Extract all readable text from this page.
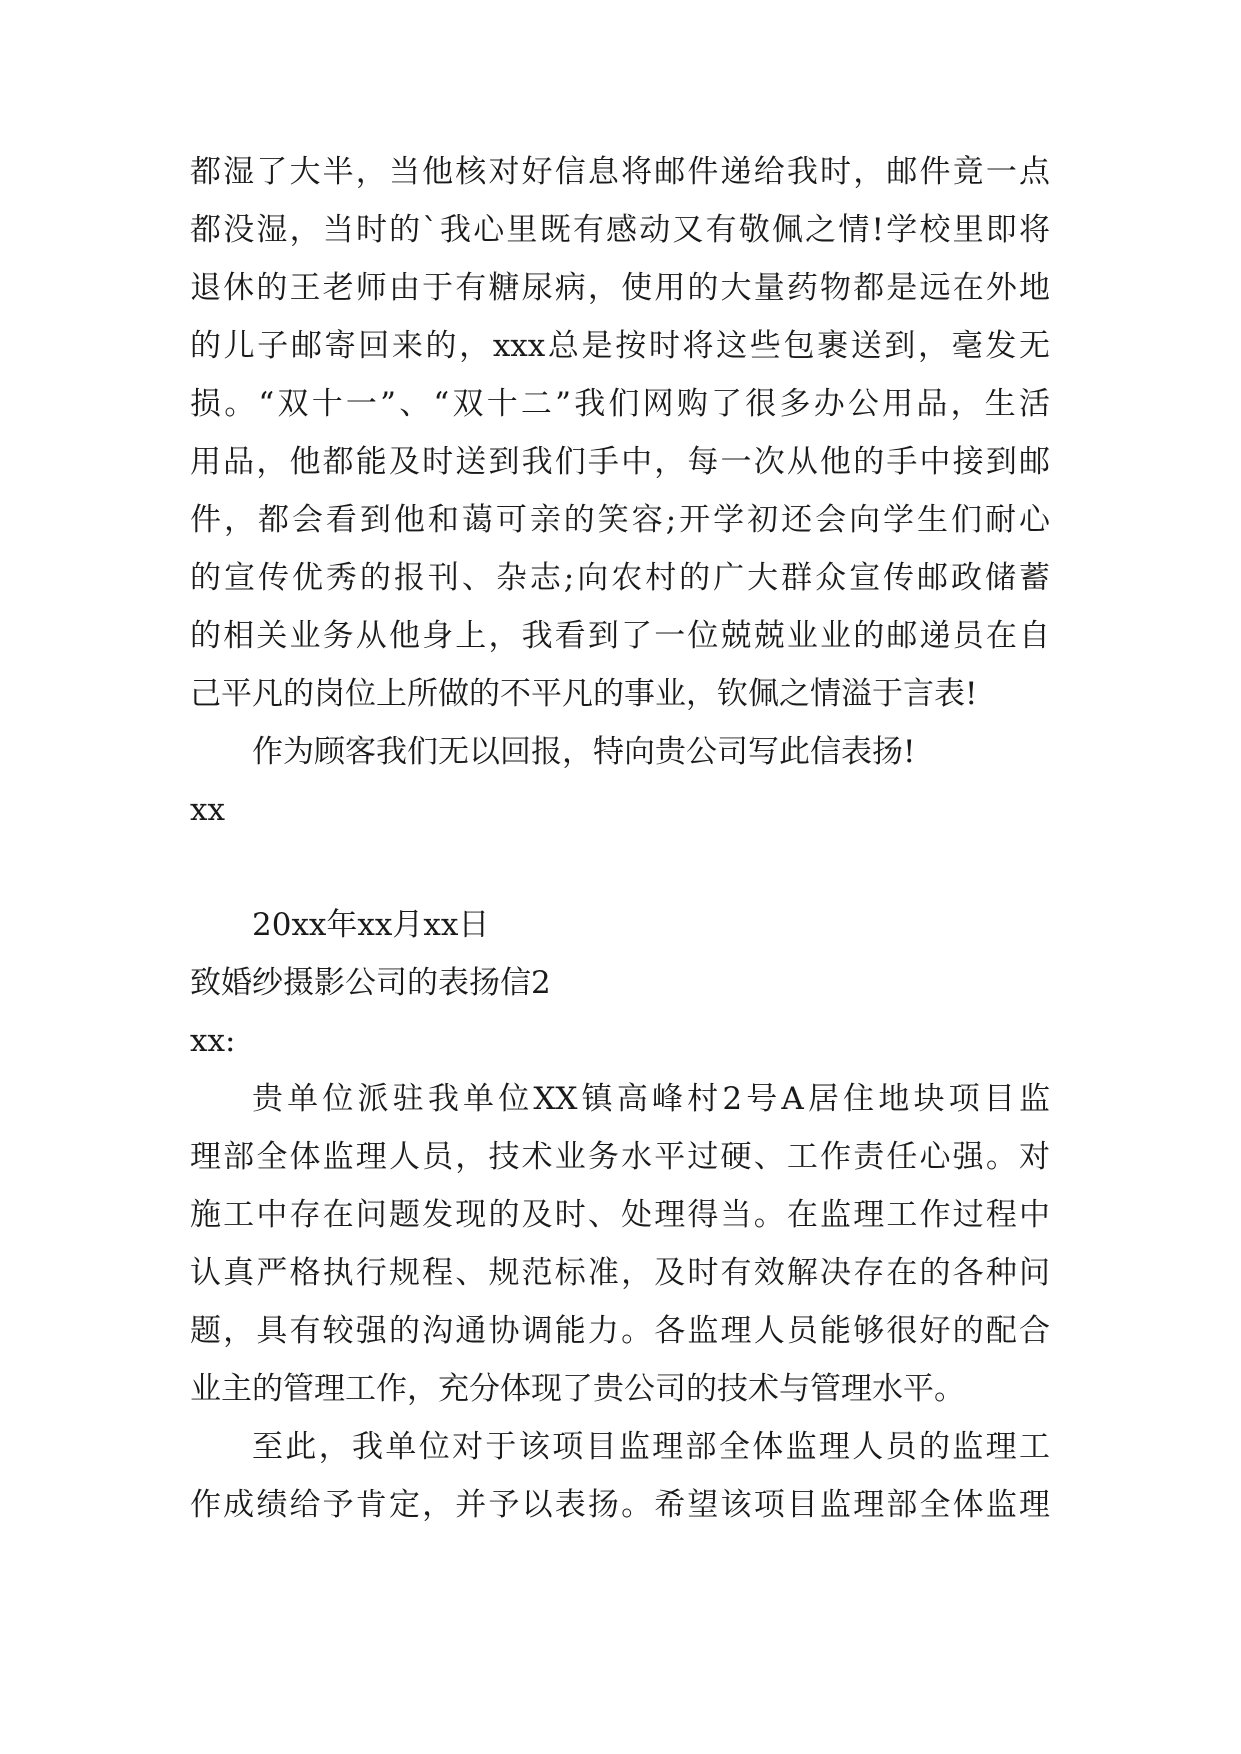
都湿了大半，当他核对好信息将邮件递给我时，邮件竟一点
都没湿，当时的`我心里既有感动又有敬佩之情!学校里即将
退休的王老师由于有糖尿病，使用的大量药物都是远在外地
的儿子邮寄回来的，xxx总是按时将这些包裹送到，毫发无
损。“双十一”、“双十二”我们网购了很多办公用品，生活
用品，他都能及时送到我们手中，每一次从他的手中接到邮
件，都会看到他和蔼可亲的笑容;开学初还会向学生们耐心
的宣传优秀的报刊、杂志;向农村的广大群众宣传邮政储蓄
的相关业务从他身上，我看到了一位兢兢业业的邮递员在自
己平凡的岗位上所做的不平凡的事业，钦佩之情溢于言表!
作为顾客我们无以回报，特向贵公司写此信表扬!
xx
20xx年xx月xx日
致婚纱摄影公司的表扬信2
xx:
贵单位派驻我单位XX镇高峰村2号A居住地块项目监
理部全体监理人员，技术业务水平过硬、工作责任心强。对
施工中存在问题发现的及时、处理得当。在监理工作过程中
认真严格执行规程、规范标准，及时有效解决存在的各种问
题，具有较强的沟通协调能力。各监理人员能够很好的配合
业主的管理工作，充分体现了贵公司的技术与管理水平。
至此，我单位对于该项目监理部全体监理人员的监理工
作成绩给予肯定，并予以表扬。希望该项目监理部全体监理
